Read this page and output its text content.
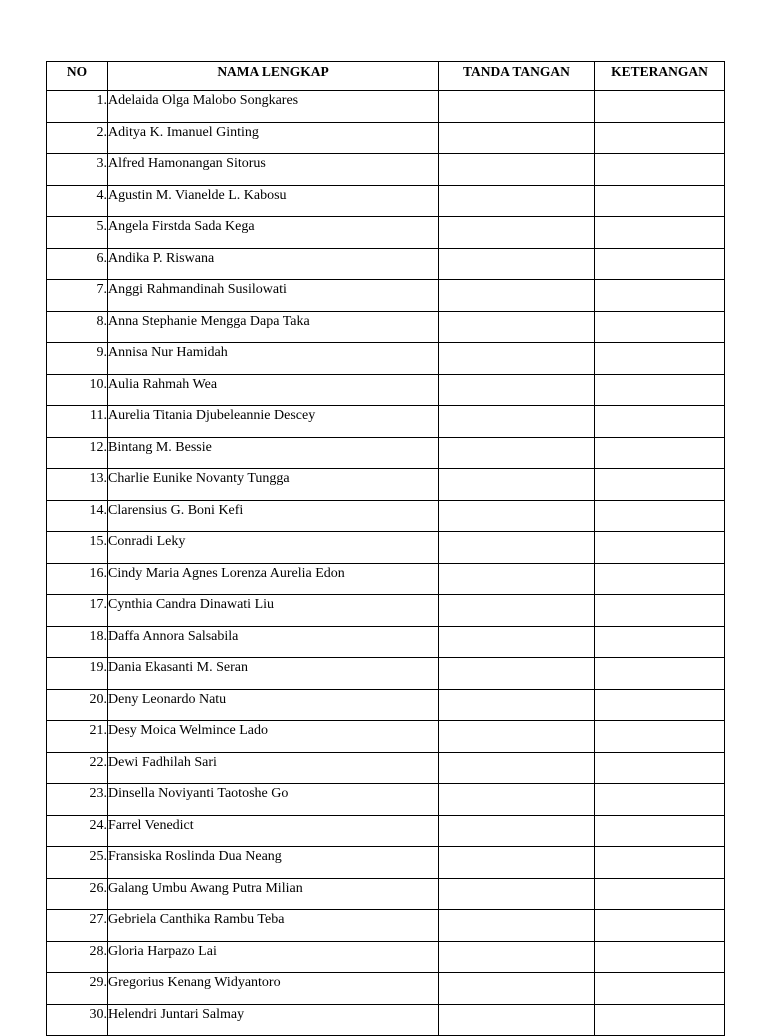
NO	NAMA LENGKAP	TANDA TANGAN	KETERANGAN
1.	Adelaida Olga Malobo Songkares		
2.	Aditya K. Imanuel Ginting		
3.	Alfred Hamonangan Sitorus		
4.	Agustin M. Vianelde L. Kabosu		
5.	Angela Firstda Sada Kega		
6.	Andika P. Riswana		
7.	Anggi Rahmandinah Susilowati		
8.	Anna Stephanie Mengga Dapa Taka		
9.	Annisa Nur Hamidah		
10.	Aulia Rahmah Wea		
11.	Aurelia Titania Djubeleannie Descey		
12.	Bintang M. Bessie		
13.	Charlie Eunike Novanty Tungga		
14.	Clarensius G. Boni Kefi		
15.	Conradi Leky		
16.	Cindy Maria Agnes Lorenza Aurelia Edon		
17.	Cynthia Candra Dinawati Liu		
18.	Daffa Annora Salsabila		
19.	Dania Ekasanti M. Seran		
20.	Deny Leonardo Natu		
21.	Desy Moica Welmince Lado		
22.	Dewi Fadhilah Sari		
23.	Dinsella Noviyanti Taotoshe Go		
24.	Farrel Venedict		
25.	Fransiska Roslinda Dua Neang		
26.	Galang Umbu Awang Putra Milian		
27.	Gebriela Canthika Rambu Teba		
28.	Gloria Harpazo Lai		
29.	Gregorius Kenang Widyantoro		
30.	Helendri Juntari Salmay		
